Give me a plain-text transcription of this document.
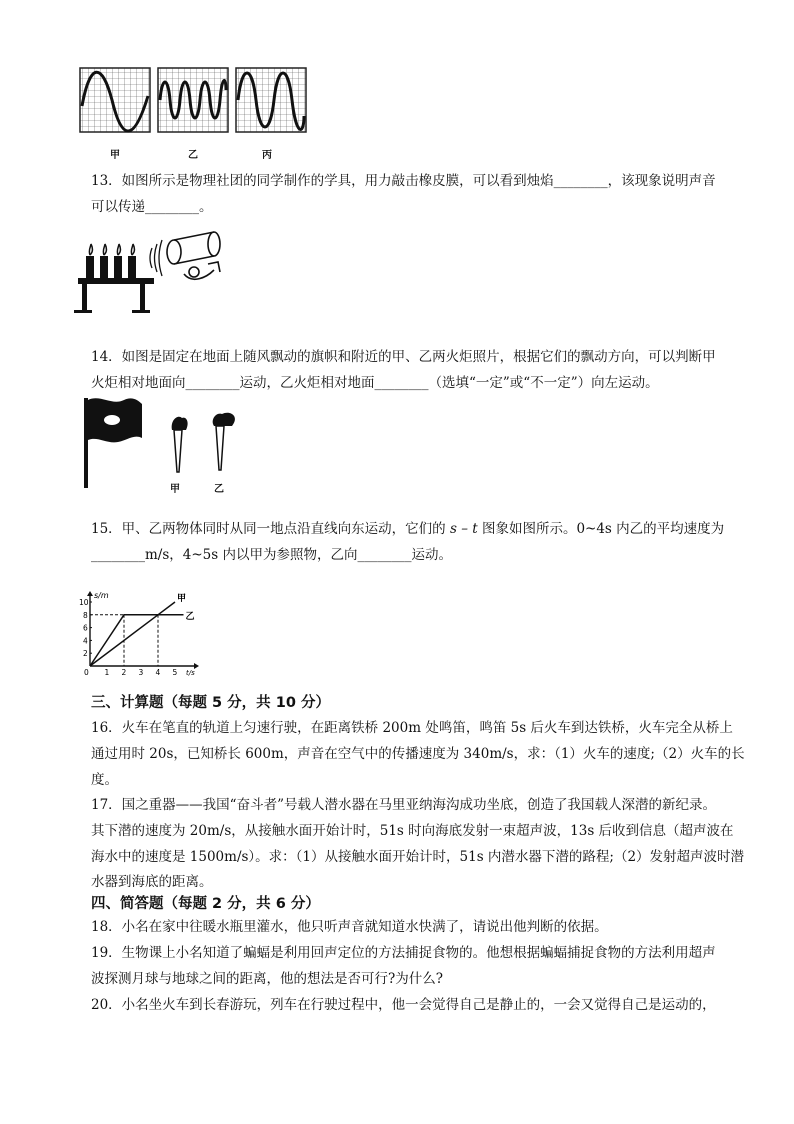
甲	乙	丙

13．如图所示是物理社团的同学制作的学具，用力敲击橡皮膜，可以看到烛焰________，该现象说明声音

可以传递________。

14．如图是固定在地面上随风飘动的旗帜和附近的甲、乙两火炬照片，根据它们的飘动方向，可以判断甲

火炬相对地面向________运动，乙火炬相对地面________（选填“一定”或“不一定”）向左运动。

甲	乙

15．甲、乙两物体同时从同一地点沿直线向东运动，它们的 s – t 图象如图所示。0~4s 内乙的平均速度为

________m/s，4~5s 内以甲为参照物，乙向________运动。

s/m
t/s
0 1 2 3 4 5
2
4
6
8
10	甲
乙

三、计算题（每题 5 分，共 10 分）

16．火车在笔直的轨道上匀速行驶，在距离铁桥 200m 处鸣笛，鸣笛 5s 后火车到达铁桥，火车完全从桥上

通过用时 20s，已知桥长 600m，声音在空气中的传播速度为 340m/s，求：（1）火车的速度;（2）火车的长

度。

17．国之重器——我国“奋斗者”号载人潜水器在马里亚纳海沟成功坐底，创造了我国载人深潜的新纪录。

其下潜的速度为 20m/s，从接触水面开始计时，51s 时向海底发射一束超声波，13s 后收到信息（超声波在

海水中的速度是 1500m/s）。求：（1）从接触水面开始计时，51s 内潜水器下潜的路程;（2）发射超声波时潜

水器到海底的距离。

四、简答题（每题 2 分，共 6 分）

18．小名在家中往暖水瓶里灌水，他只听声音就知道水快满了，请说出他判断的依据。

19．生物课上小名知道了蝙蝠是利用回声定位的方法捕捉食物的。他想根据蝙蝠捕捉食物的方法利用超声

波探测月球与地球之间的距离，他的想法是否可行?为什么?

20．小名坐火车到长春游玩，列车在行驶过程中，他一会觉得自己是静止的，一会又觉得自己是运动的，
